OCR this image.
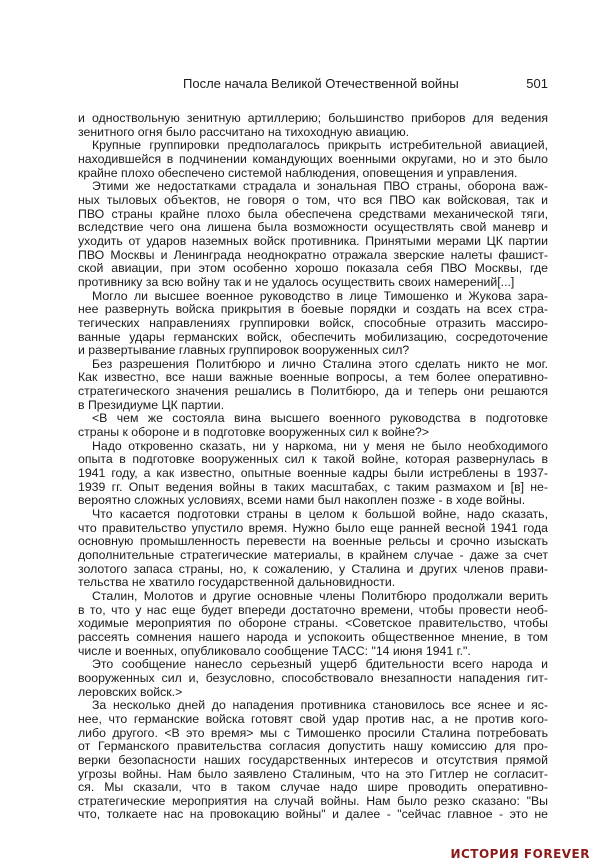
После начала Великой Отечественной войны	501
и одноствольную зенитную артиллерию; большинство приборов для ведения
зенитного огня было рассчитано на тихоходную авиацию.
Крупные группировки предполагалось прикрыть истребительной авиацией,
находившейся в подчинении командующих военными округами, но и это было
крайне плохо обеспечено системой наблюдения, оповещения и управления.
Этими же недостатками страдала и зональная ПВО страны, оборона важ-
ных тыловых объектов, не говоря о том, что вся ПВО как войсковая, так и
ПВО страны крайне плохо была обеспечена средствами механической тяги,
вследствие чего она лишена была возможности осуществлять свой маневр и
уходить от ударов наземных войск противника. Принятыми мерами ЦК партии
ПВО Москвы и Ленинграда неоднократно отражала зверские налеты фашист-
ской авиации, при этом особенно хорошо показала себя ПВО Москвы, где
противнику за всю войну так и не удалось осуществить своих намерений[...]
Могло ли высшее военное руководство в лице Тимошенко и Жукова зара-
нее развернуть войска прикрытия в боевые порядки и создать на всех стра-
тегических направлениях группировки войск, способные отразить массиро-
ванные удары германских войск, обеспечить мобилизацию, сосредоточение
и развертывание главных группировок вооруженных сил?
Без разрешения Политбюро и лично Сталина этого сделать никто не мог.
Как известно, все наши важные военные вопросы, а тем более оперативно-
стратегического значения решались в Политбюро, да и теперь они решаются
в Президиуме ЦК партии.
<В чем же состояла вина высшего военного руководства в подготовке
страны к обороне и в подготовке вооруженных сил к войне?>
Надо откровенно сказать, ни у наркома, ни у меня не было необходимого
опыта в подготовке вооруженных сил к такой войне, которая развернулась в
1941 году, а как известно, опытные военные кадры были истреблены в 1937-
1939 гг. Опыт ведения войны в таких масштабах, с таким размахом и [в] не-
вероятно сложных условиях, всеми нами был накоплен позже - в ходе войны.
Что касается подготовки страны в целом к большой войне, надо сказать,
что правительство упустило время. Нужно было еще ранней весной 1941 года
основную промышленность перевести на военные рельсы и срочно изыскать
дополнительные стратегические материалы, в крайнем случае - даже за счет
золотого запаса страны, но, к сожалению, у Сталина и других членов прави-
тельства не хватило государственной дальновидности.
Сталин, Молотов и другие основные члены Политбюро продолжали верить
в то, что у нас еще будет впереди достаточно времени, чтобы провести необ-
ходимые мероприятия по обороне страны. <Советское правительство, чтобы
рассеять сомнения нашего народа и успокоить общественное мнение, в том
числе и военных, опубликовало сообщение ТАСС: "14 июня 1941 г.".
Это сообщение нанесло серьезный ущерб бдительности всего народа и
вооруженных сил и, безусловно, способствовало внезапности нападения гит-
леровских войск.>
За несколько дней до нападения противника становилось все яснее и яс-
нее, что германские войска готовят свой удар против нас, а не против кого-
либо другого. <В это время> мы с Тимошенко просили Сталина потребовать
от Германского правительства согласия допустить нашу комиссию для про-
верки безопасности наших государственных интересов и отсутствия прямой
угрозы войны. Нам было заявлено Сталиным, что на это Гитлер не согласит-
ся. Мы сказали, что в таком случае надо шире проводить оперативно-
стратегические мероприятия на случай войны. Нам было резко сказано: "Вы
что, толкаете нас на провокацию войны" и далее - "сейчас главное - это не
ИСТОРИЯ FOREVER
